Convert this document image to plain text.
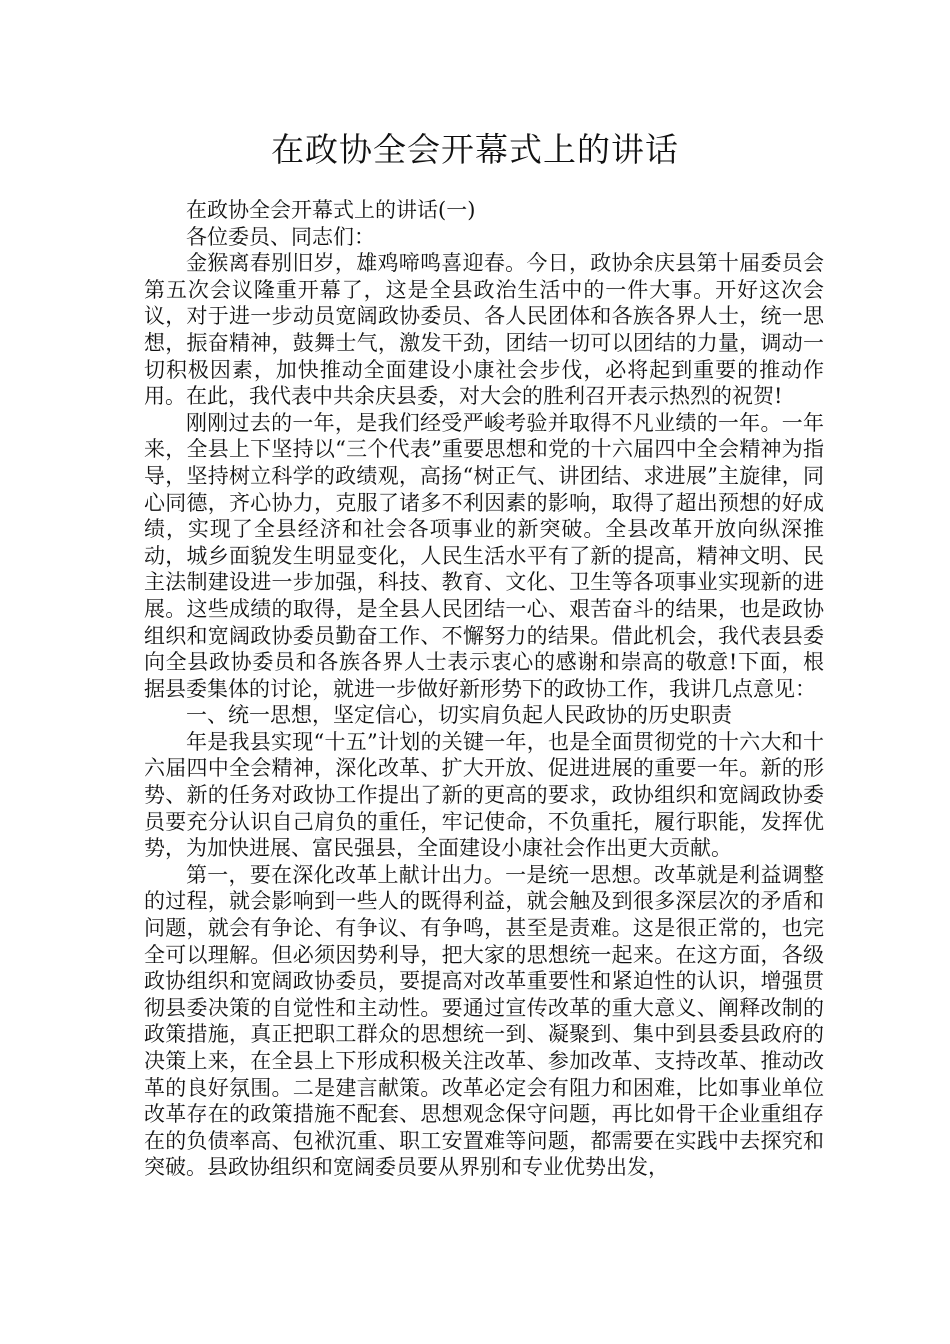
在政协全会开幕式上的讲话

在政协全会开幕式上的讲话(一)

各位委员、同志们：

金猴离春别旧岁，雄鸡啼鸣喜迎春。今日，政协余庆县第十届委员会第五次会议隆重开幕了，这是全县政治生活中的一件大事。开好这次会议，对于进一步动员宽阔政协委员、各人民团体和各族各界人士，统一思想，振奋精神，鼓舞士气，激发干劲，团结一切可以团结的力量，调动一切积极因素，加快推动全面建设小康社会步伐，必将起到重要的推动作用。在此，我代表中共余庆县委，对大会的胜利召开表示热烈的祝贺!

刚刚过去的一年，是我们经受严峻考验并取得不凡业绩的一年。一年来，全县上下坚持以“三个代表”重要思想和党的十六届四中全会精神为指导，坚持树立科学的政绩观，高扬“树正气、讲团结、求进展”主旋律，同心同德，齐心协力，克服了诸多不利因素的影响，取得了超出预想的好成绩，实现了全县经济和社会各项事业的新突破。全县改革开放向纵深推动，城乡面貌发生明显变化，人民生活水平有了新的提高，精神文明、民主法制建设进一步加强，科技、教育、文化、卫生等各项事业实现新的进展。这些成绩的取得，是全县人民团结一心、艰苦奋斗的结果，也是政协组织和宽阔政协委员勤奋工作、不懈努力的结果。借此机会，我代表县委向全县政协委员和各族各界人士表示衷心的感谢和崇高的敬意!下面，根据县委集体的讨论，就进一步做好新形势下的政协工作，我讲几点意见：

一、统一思想，坚定信心，切实肩负起人民政协的历史职责

年是我县实现“十五”计划的关键一年，也是全面贯彻党的十六大和十六届四中全会精神，深化改革、扩大开放、促进进展的重要一年。新的形势、新的任务对政协工作提出了新的更高的要求，政协组织和宽阔政协委员要充分认识自己肩负的重任，牢记使命，不负重托，履行职能，发挥优势，为加快进展、富民强县，全面建设小康社会作出更大贡献。

第一，要在深化改革上献计出力。一是统一思想。改革就是利益调整的过程，就会影响到一些人的既得利益，就会触及到很多深层次的矛盾和问题，就会有争论、有争议、有争鸣，甚至是责难。这是很正常的，也完全可以理解。但必须因势利导，把大家的思想统一起来。在这方面，各级政协组织和宽阔政协委员，要提高对改革重要性和紧迫性的认识，增强贯彻县委决策的自觉性和主动性。要通过宣传改革的重大意义、阐释改制的政策措施，真正把职工群众的思想统一到、凝聚到、集中到县委县政府的决策上来，在全县上下形成积极关注改革、参加改革、支持改革、推动改革的良好氛围。二是建言献策。改革必定会有阻力和困难，比如事业单位改革存在的政策措施不配套、思想观念保守问题，再比如骨干企业重组存在的负债率高、包袱沉重、职工安置难等问题，都需要在实践中去探究和突破。县政协组织和宽阔委员要从界别和专业优势出发，
